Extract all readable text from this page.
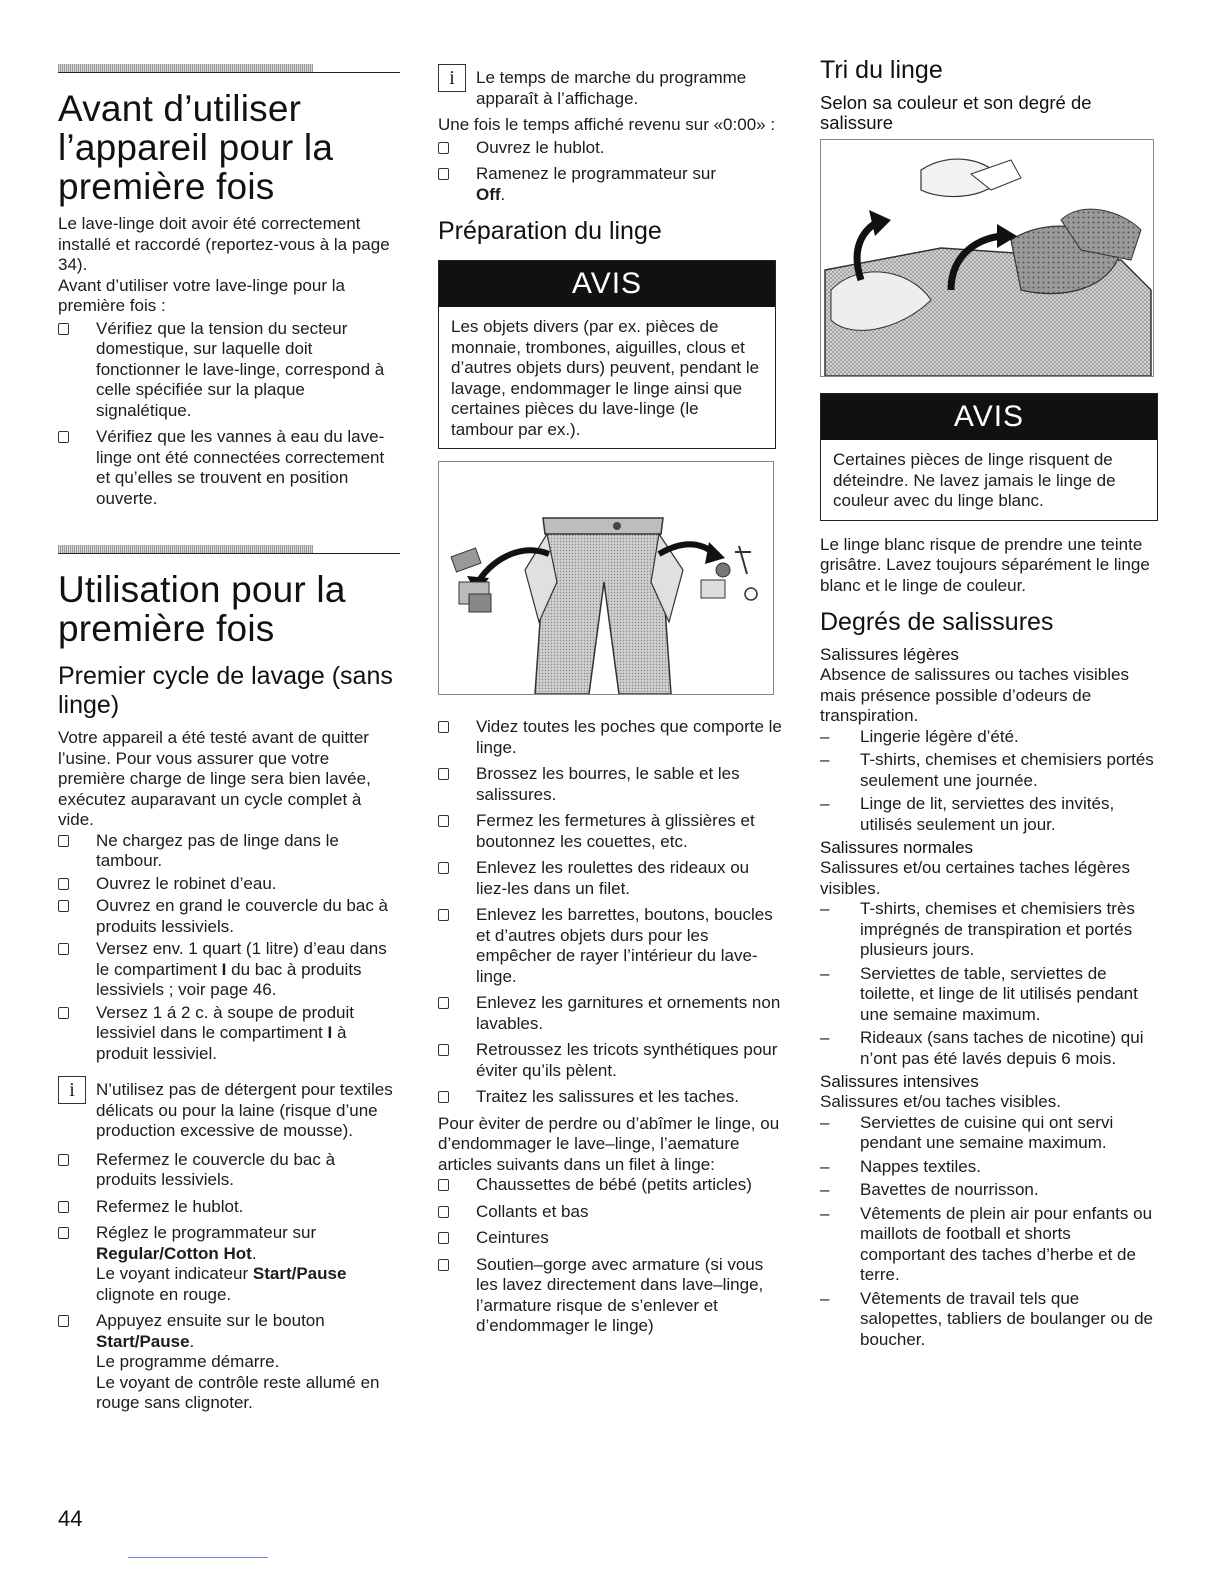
Avant d’utiliser l’appareil pour la première fois

Le lave-linge doit avoir été correctement installé et raccordé (reportez-vous à la page 34).

Avant d’utiliser votre lave-linge pour la première fois :

Vérifiez que la tension du secteur domestique, sur laquelle doit fonctionner le lave-linge, correspond à celle spécifiée sur la plaque signalétique.
Vérifiez que les vannes à eau du lave-linge ont été connectées correctement et qu’elles se trouvent en position ouverte.
Utilisation pour la première fois
Premier cycle de lavage (sans linge)

Votre appareil a été testé avant de quitter l’usine. Pour vous assurer que votre première charge de linge sera bien lavée, exécutez auparavant un cycle complet à vide.

Ne chargez pas de linge dans le tambour.
Ouvrez le robinet d’eau.
Ouvrez en grand le couvercle du bac à produits lessiviels.
Versez env. 1 quart (1 litre) d’eau dans le compartiment I du bac à produits lessiviels ; voir page 46.
Versez 1 á 2 c. à soupe de produit lessiviel dans le compartiment I à produit lessiviel.
i	N’utilisez pas de détergent pour textiles délicats ou pour la laine (risque d’une production excessive de mousse).

Refermez le couvercle du bac à produits lessiviels.
Refermez le hublot.
Réglez le programmateur sur Regular/Cotton Hot.
Le voyant indicateur Start/Pause clignote en rouge.
Appuyez ensuite sur le bouton Start/Pause.
Le programme démarre.
Le voyant de contrôle reste allumé en rouge sans clignoter.
i	Le temps de marche du programme apparaît à l’affichage.

Une fois le temps affiché revenu sur «0:00» :

Ouvrez le hublot.
Ramenez le programmateur sur
Off.
Préparation du linge
AVIS

Les objets divers (par ex. pièces de monnaie, trombones, aiguilles, clous et d’autres objets durs) peuvent, pendant le lavage, endommager le linge ainsi que certaines pièces du lave-linge (le tambour par ex.).

Videz toutes les poches que comporte le linge.
Brossez les bourres, le sable et les salissures.
Fermez les fermetures à glissières et boutonnez les couettes, etc.
Enlevez les roulettes des rideaux ou liez-les dans un filet.
Enlevez les barrettes, boutons, boucles et d’autres objets durs pour les empêcher de rayer l’intérieur du lave-linge.
Enlevez les garnitures et ornements non lavables.
Retroussez les tricots synthétiques pour éviter qu’ils pèlent.
Traitez les salissures et les taches.

Pour èviter de perdre ou d’abîmer le linge, ou d’endommager le lave–linge, l’aemature articles suivants dans un filet à linge:

Chaussettes de bébé (petits articles)
Collants et bas
Ceintures
Soutien–gorge avec armature (si vous les lavez directement dans lave–linge, l’armature risque de s’enlever et d’endommager le linge)
Tri du linge
Selon sa couleur et son degré de salissure
AVIS

Certaines pièces de linge risquent de déteindre. Ne lavez jamais le linge de couleur avec du linge blanc.

Le linge blanc risque de prendre une teinte grisâtre. Lavez toujours séparément le linge blanc et le linge de couleur.

Degrés de salissures
Salissures légères

Absence de salissures ou taches visibles mais présence possible d’odeurs de transpiration.

– Lingerie légère d’été.
– T-shirts, chemises et chemisiers portés seulement une journée.
– Linge de lit, serviettes des invités, utilisés seulement un jour.
Salissures normales

Salissures et/ou certaines taches légères visibles.

– T-shirts, chemises et chemisiers très imprégnés de transpiration et portés plusieurs jours.
– Serviettes de table, serviettes de toilette, et linge de lit utilisés pendant une semaine maximum.
– Rideaux (sans taches de nicotine) qui n’ont pas été lavés depuis 6 mois.
Salissures intensives

Salissures et/ou taches visibles.

– Serviettes de cuisine qui ont servi pendant une semaine maximum.
– Nappes textiles.
– Bavettes de nourrisson.
– Vêtements de plein air pour enfants ou maillots de football et shorts comportant des taches d’herbe et de terre.
– Vêtements de travail tels que salopettes, tabliers de boulanger ou de boucher.
44
